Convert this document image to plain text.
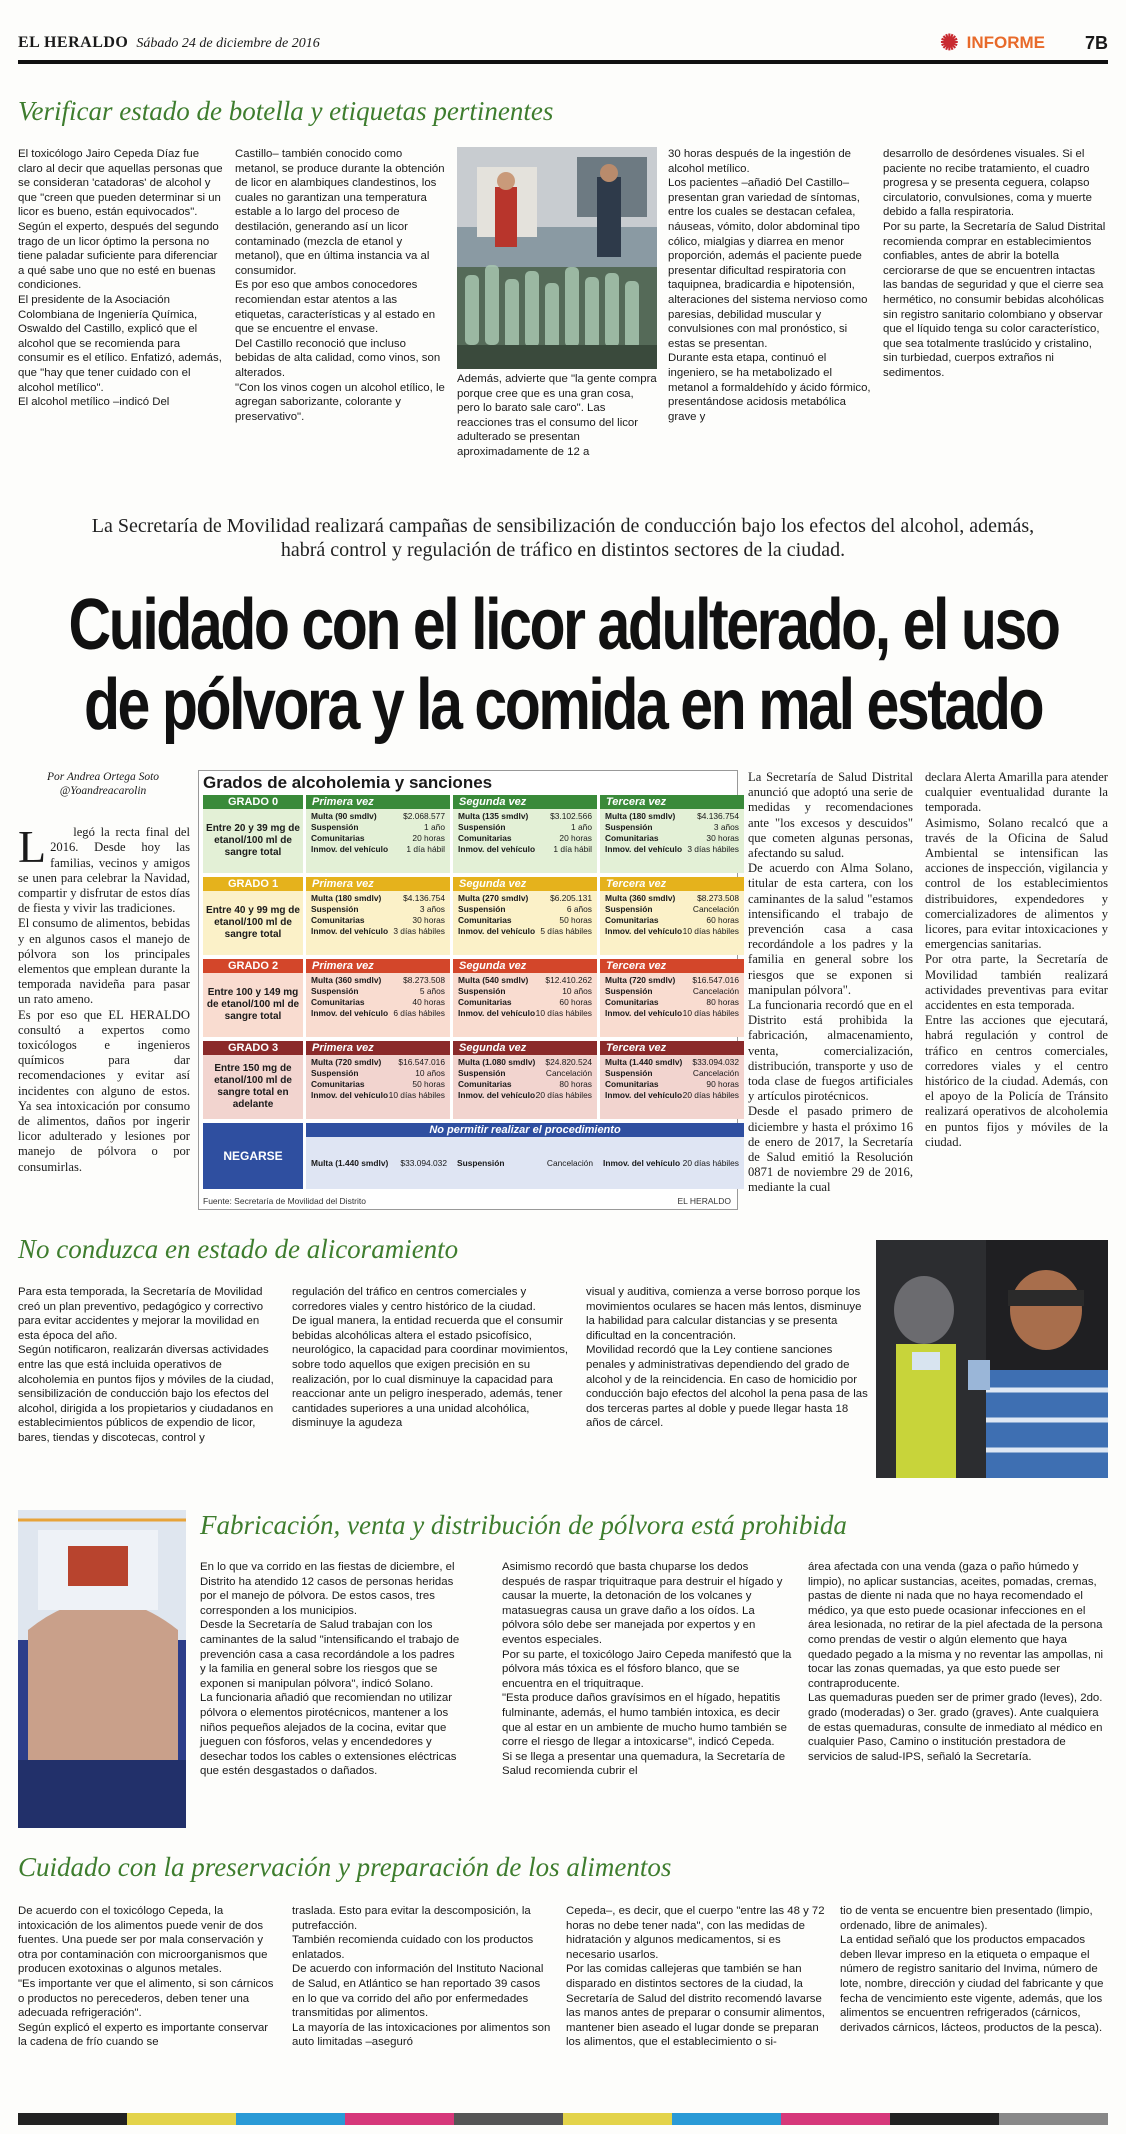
EL HERALDO Sábado 24 de diciembre de 2016	✺ INFORME 7B
Verificar estado de botella y etiquetas pertinentes
El toxicólogo Jairo Cepeda Díaz fue claro al decir que aquellas personas que se consideran 'catadoras' de alcohol y que "creen que pueden determinar si un licor es bueno, están equivocados".
Según el experto, después del segundo trago de un licor óptimo la persona no tiene paladar suficiente para diferenciar a qué sabe uno que no esté en buenas condiciones.
El presidente de la Asociación Colombiana de Ingeniería Química, Oswaldo del Castillo, explicó que el alcohol que se recomienda para consumir es el etílico. Enfatizó, además, que "hay que tener cuidado con el alcohol metílico".
El alcohol metílico –indicó Del
Castillo– también conocido como metanol, se produce durante la obtención de licor en alambiques clandestinos, los cuales no garantizan una temperatura estable a lo largo del proceso de destilación, generando así un licor contaminado (mezcla de etanol y metanol), que en última instancia va al consumidor.
Es por eso que ambos conocedores recomiendan estar atentos a las etiquetas, características y al estado en que se encuentre el envase.
Del Castillo reconoció que incluso bebidas de alta calidad, como vinos, son alterados.
"Con los vinos cogen un alcohol etílico, le agregan saborizante, colorante y preservativo".
Además, advierte que "la gente compra porque cree que es una gran cosa, pero lo barato sale caro". Las reacciones tras el consumo del licor adulterado se presentan aproximadamente de 12 a
30 horas después de la ingestión de alcohol metílico.
Los pacientes –añadió Del Castillo– presentan gran variedad de síntomas, entre los cuales se destacan cefalea, náuseas, vómito, dolor abdominal tipo cólico, mialgias y diarrea en menor proporción, además el paciente puede presentar dificultad respiratoria con taquipnea, bradicardia e hipotensión, alteraciones del sistema nervioso como paresias, debilidad muscular y convulsiones con mal pronóstico, si estas se presentan.
Durante esta etapa, continuó el ingeniero, se ha metabolizado el metanol a formaldehído y ácido fórmico, presentándose acidosis metabólica grave y
desarrollo de desórdenes visuales. Si el paciente no recibe tratamiento, el cuadro progresa y se presenta ceguera, colapso circulatorio, convulsiones, coma y muerte debido a falla respiratoria.
Por su parte, la Secretaría de Salud Distrital recomienda comprar en establecimientos confiables, antes de abrir la botella cerciorarse de que se encuentren intactas las bandas de seguridad y que el cierre sea hermético, no consumir bebidas alcohólicas sin registro sanitario colombiano y observar que el líquido tenga su color característico, que sea totalmente traslúcido y cristalino, sin turbiedad, cuerpos extraños ni sedimentos.
La Secretaría de Movilidad realizará campañas de sensibilización de conducción bajo los efectos del alcohol, además, habrá control y regulación de tráfico en distintos sectores de la ciudad.
Cuidado con el licor adulterado, el uso
de pólvora y la comida en mal estado
Por Andrea Ortega Soto
@Yoandreacarolin

L legó la recta final del 2016. Desde hoy las familias, vecinos y amigos se unen para celebrar la Navidad, compartir y disfrutar de estos días de fiesta y vivir las tradiciones.
El consumo de alimentos, bebidas y en algunos casos el manejo de pólvora son los principales elementos que emplean durante la temporada navideña para pasar un rato ameno.
Es por eso que EL HERALDO consultó a expertos como toxicólogos e ingenieros químicos para dar recomendaciones y evitar así incidentes con alguno de estos. Ya sea intoxicación por consumo de alimentos, daños por ingerir licor adulterado y lesiones por manejo de pólvora o por consumirlas.

Grados de alcoholemia y sanciones
GRADO 0
Entre 20 y 39 mg de etanol/100 ml de sangre total
Primera vez
Multa (90 smdlv)	$2.068.577
Suspensión	1 año
Comunitarias	20 horas
Inmov. del vehículo 1 día hábil
Segunda vez
Multa (135 smdlv)	$3.102.566
Suspensión	1 año
Comunitarias	20 horas
Inmov. del vehículo 1 día hábil
Tercera vez
Multa (180 smdlv)	$4.136.754
Suspensión	3 años
Comunitarias	30 horas
Inmov. del vehículo 3 días hábiles
GRADO 1
Entre 40 y 99 mg de etanol/100 ml de sangre total
Primera vez
Multa (180 smdlv)	$4.136.754
Suspensión	3 años
Comunitarias	30 horas
Inmov. del vehículo 3 días hábiles
Segunda vez
Multa (270 smdlv)	$6.205.131
Suspensión	6 años
Comunitarias	50 horas
Inmov. del vehículo 5 días hábiles
Tercera vez
Multa (360 smdlv)	$8.273.508
Suspensión	Cancelación
Comunitarias	60 horas
Inmov. del vehículo 10 días hábiles
GRADO 2
Entre 100 y 149 mg de etanol/100 ml de sangre total
Primera vez
Multa (360 smdlv)	$8.273.508
Suspensión	5 años
Comunitarias	40 horas
Inmov. del vehículo 6 días hábiles
Segunda vez
Multa (540 smdlv) $12.410.262
Suspensión	10 años
Comunitarias	60 horas
Inmov. del vehículo 10 días hábiles
Tercera vez
Multa (720 smdlv) $16.547.016
Suspensión	Cancelación
Comunitarias	80 horas
Inmov. del vehículo 10 días hábiles
GRADO 3
Entre 150 mg de etanol/100 ml de sangre total en adelante
Primera vez
Multa (720 smdlv) $16.547.016
Suspensión	10 años
Comunitarias	50 horas
Inmov. del vehículo 10 días hábiles
Segunda vez
Multa (1.080 smdlv) $24.820.524
Suspensión	Cancelación
Comunitarias	80 horas
Inmov. del vehículo 20 días hábiles
Tercera vez
Multa (1.440 smdlv) $33.094.032
Suspensión	Cancelación
Comunitarias	90 horas
Inmov. del vehículo 20 días hábiles
NEGARSE
No permitir realizar el procedimiento
Multa (1.440 smdlv) $33.094.032 Suspensión	Cancelación Inmov. del vehículo 20 días hábiles
Fuente: Secretaría de Movilidad del Distrito	EL HERALDO
La Secretaría de Salud Distrital anunció que adoptó una serie de medidas y recomendaciones ante "los excesos y descuidos" que cometen algunas personas, afectando su salud.
De acuerdo con Alma Solano, titular de esta cartera, con los caminantes de la salud "estamos intensificando el trabajo de prevención casa a casa recordándole a los padres y la familia en general sobre los riesgos que se exponen si manipulan pólvora".
La funcionaria recordó que en el Distrito está prohibida la fabricación, almacenamiento, venta, comercialización, distribución, transporte y uso de toda clase de fuegos artificiales y artículos pirotécnicos.
Desde el pasado primero de diciembre y hasta el próximo 16 de enero de 2017, la Secretaría de Salud emitió la Resolución 0871 de noviembre 29 de 2016, mediante la cual
declara Alerta Amarilla para atender cualquier eventualidad durante la temporada.
Asimismo, Solano recalcó que a través de la Oficina de Salud Ambiental se intensifican las acciones de inspección, vigilancia y control de los establecimientos distribuidores, expendedores y comercializadores de alimentos y licores, para evitar intoxicaciones y emergencias sanitarias.
Por otra parte, la Secretaría de Movilidad también realizará actividades preventivas para evitar accidentes en esta temporada.
Entre las acciones que ejecutará, habrá regulación y control de tráfico en centros comerciales, corredores viales y el centro histórico de la ciudad. Además, con el apoyo de la Policía de Tránsito realizará operativos de alcoholemia en puntos fijos y móviles de la ciudad.
No conduzca en estado de alicoramiento
Para esta temporada, la Secretaría de Movilidad creó un plan preventivo, pedagógico y correctivo para evitar accidentes y mejorar la movilidad en esta época del año.
Según notificaron, realizarán diversas actividades entre las que está incluida operativos de alcoholemia en puntos fijos y móviles de la ciudad, sensibilización de conducción bajo los efectos del alcohol, dirigida a los propietarios y ciudadanos en establecimientos públicos de expendio de licor, bares, tiendas y discotecas, control y
regulación del tráfico en centros comerciales y corredores viales y centro histórico de la ciudad.
De igual manera, la entidad recuerda que el consumir bebidas alcohólicas altera el estado psicofísico, neurológico, la capacidad para coordinar movimientos, sobre todo aquellos que exigen precisión en su realización, por lo cual disminuye la capacidad para reaccionar ante un peligro inesperado, además, tener cantidades superiores a una unidad alcohólica, disminuye la agudeza
visual y auditiva, comienza a verse borroso porque los movimientos oculares se hacen más lentos, disminuye la habilidad para calcular distancias y se presenta dificultad en la concentración.
Movilidad recordó que la Ley contiene sanciones penales y administrativas dependiendo del grado de alcohol y de la reincidencia. En caso de homicidio por conducción bajo efectos del alcohol la pena pasa de las dos terceras partes al doble y puede llegar hasta 18 años de cárcel.
Fabricación, venta y distribución de pólvora está prohibida
En lo que va corrido en las fiestas de diciembre, el Distrito ha atendido 12 casos de personas heridas por el manejo de pólvora. De estos casos, tres corresponden a los municipios.
Desde la Secretaría de Salud trabajan con los caminantes de la salud "intensificando el trabajo de prevención casa a casa recordándole a los padres y la familia en general sobre los riesgos que se exponen si manipulan pólvora", indicó Solano.
La funcionaria añadió que recomiendan no utilizar pólvora o elementos pirotécnicos, mantener a los niños pequeños alejados de la cocina, evitar que jueguen con fósforos, velas y encendedores y desechar todos los cables o extensiones eléctricas que estén desgastados o dañados.
Asimismo recordó que basta chuparse los dedos después de raspar triquitraque para destruir el hígado y causar la muerte, la detonación de los volcanes y matasuegras causa un grave daño a los oídos. La pólvora sólo debe ser manejada por expertos y en eventos especiales.
Por su parte, el toxicólogo Jairo Cepeda manifestó que la pólvora más tóxica es el fósforo blanco, que se encuentra en el triquitraque.
"Esta produce daños gravísimos en el hígado, hepatitis fulminante, además, el humo también intoxica, es decir que al estar en un ambiente de mucho humo también se corre el riesgo de llegar a intoxicarse", indicó Cepeda.
Si se llega a presentar una quemadura, la Secretaría de Salud recomienda cubrir el
área afectada con una venda (gaza o paño húmedo y limpio), no aplicar sustancias, aceites, pomadas, cremas, pastas de diente ni nada que no haya recomendado el médico, ya que esto puede ocasionar infecciones en el área lesionada, no retirar de la piel afectada de la persona como prendas de vestir o algún elemento que haya quedado pegado a la misma y no reventar las ampollas, ni tocar las zonas quemadas, ya que esto puede ser contraproducente.
Las quemaduras pueden ser de primer grado (leves), 2do. grado (moderadas) o 3er. grado (graves). Ante cualquiera de estas quemaduras, consulte de inmediato al médico en cualquier Paso, Camino o institución prestadora de servicios de salud-IPS, señaló la Secretaría.
Cuidado con la preservación y preparación de los alimentos
De acuerdo con el toxicólogo Cepeda, la intoxicación de los alimentos puede venir de dos fuentes. Una puede ser por mala conservación y otra por contaminación con microorganismos que producen exotoxinas o algunos metales.
"Es importante ver que el alimento, si son cárnicos o productos no perecederos, deben tener una adecuada refrigeración".
Según explicó el experto es importante conservar la cadena de frío cuando se
traslada. Esto para evitar la descomposición, la putrefacción.
También recomienda cuidado con los productos enlatados.
De acuerdo con información del Instituto Nacional de Salud, en Atlántico se han reportado 39 casos en lo que va corrido del año por enfermedades transmitidas por alimentos.
La mayoría de las intoxicaciones por alimentos son auto limitadas –aseguró
Cepeda–, es decir, que el cuerpo "entre las 48 y 72 horas no debe tener nada", con las medidas de hidratación y algunos medicamentos, si es necesario usarlos.
Por las comidas callejeras que también se han disparado en distintos sectores de la ciudad, la Secretaría de Salud del distrito recomendó lavarse las manos antes de preparar o consumir alimentos, mantener bien aseado el lugar donde se preparan los alimentos, que el establecimiento o si-
tio de venta se encuentre bien presentado (limpio, ordenado, libre de animales).
La entidad señaló que los productos empacados deben llevar impreso en la etiqueta o empaque el número de registro sanitario del Invima, número de lote, nombre, dirección y ciudad del fabricante y que fecha de vencimiento este vigente, además, que los alimentos se encuentren refrigerados (cárnicos, derivados cárnicos, lácteos, productos de la pesca).
